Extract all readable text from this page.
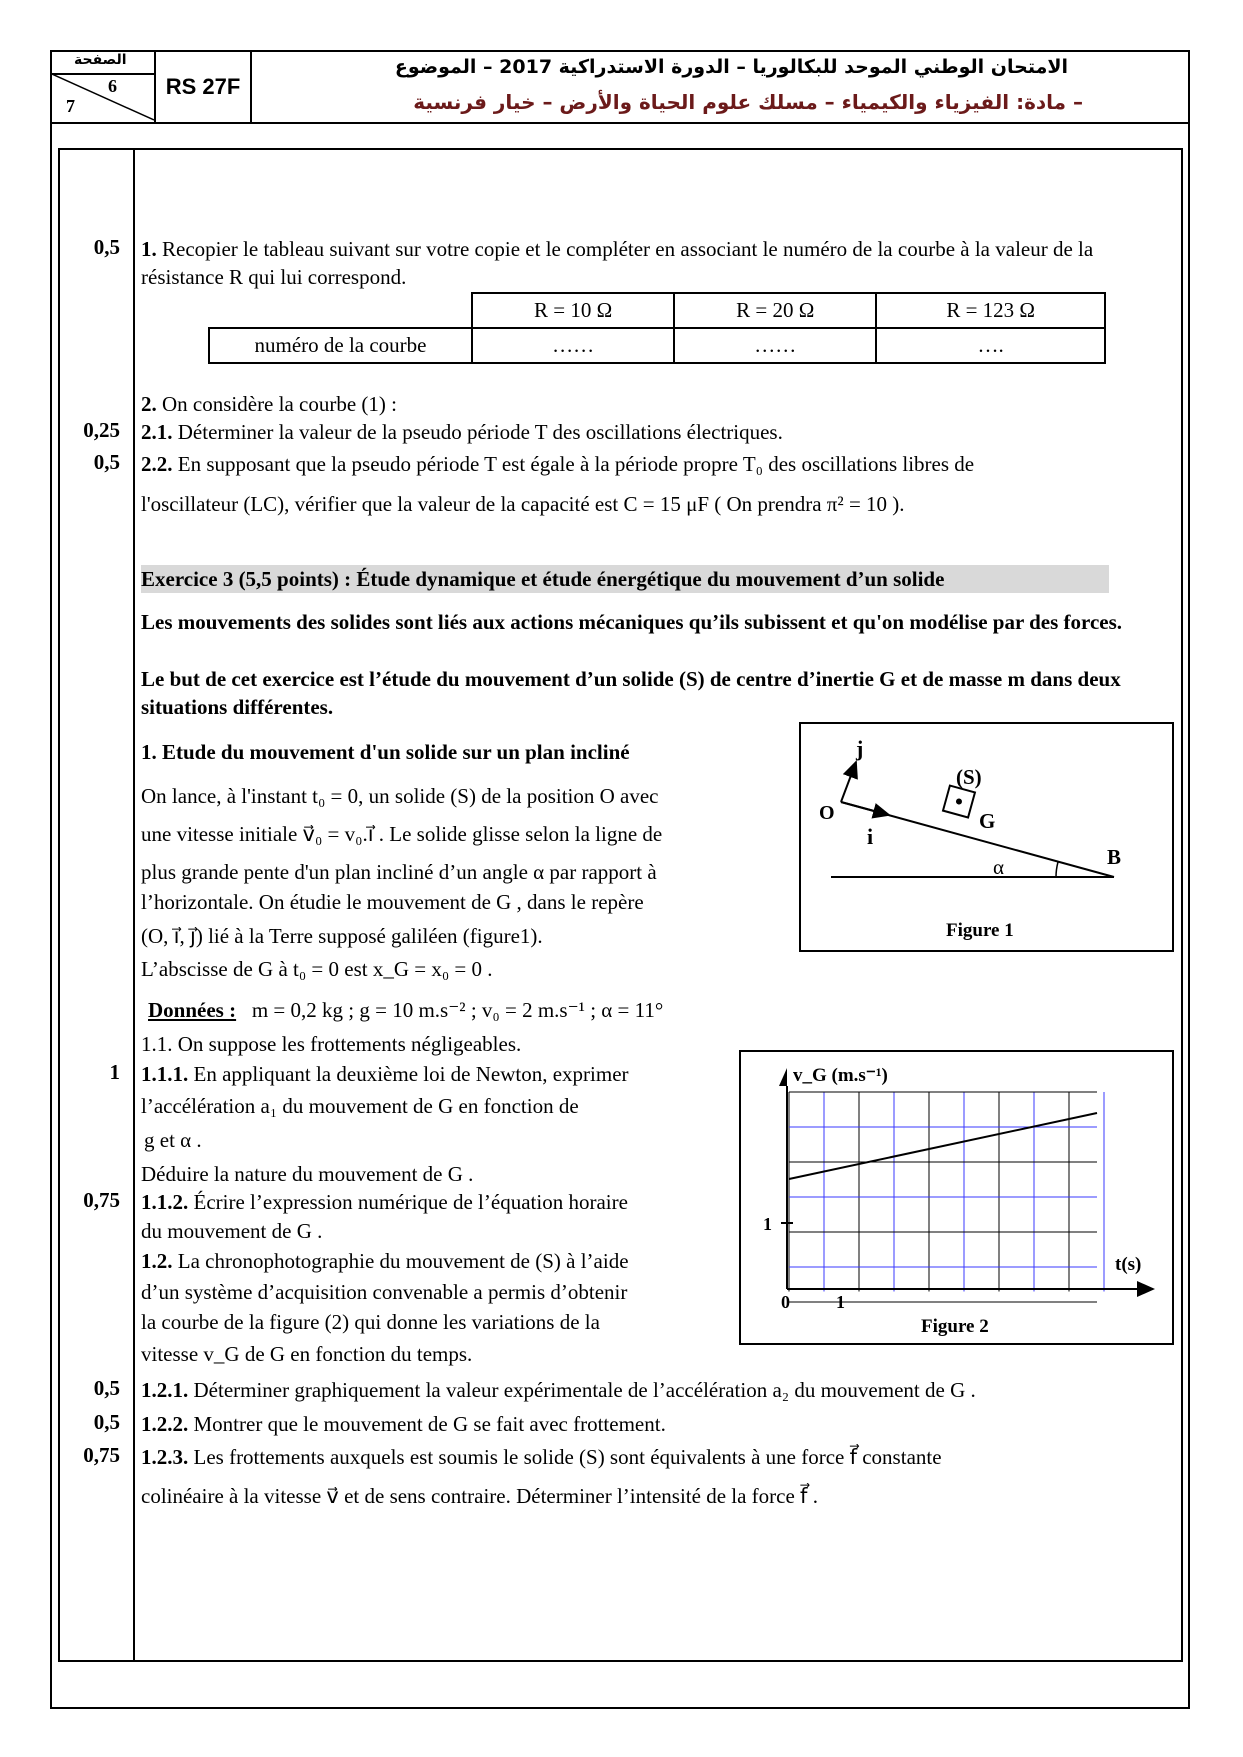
الصفحة
6
7
RS 27F
الامتحان الوطني الموحد للبكالوريا – الدورة الاستدراكية 2017 – الموضوع
– مادة: الفيزياء والكيمياء – مسلك علوم الحياة والأرض – خيار فرنسية
0,5 1. Recopier le tableau suivant sur votre copie et le compléter en associant le numéro de la courbe à la valeur de la résistance R qui lui correspond.
	R = 10 Ω	R = 20 Ω	R = 123 Ω
numéro de la courbe	……	……	….
2. On considère la courbe (1) :
0,25 2.1. Déterminer la valeur de la pseudo période T des oscillations électriques.
0,5 2.2. En supposant que la pseudo période T est égale à la période propre T₀ des oscillations libres de
l'oscillateur (LC), vérifier que la valeur de la capacité est C = 15 μF ( On prendra π² = 10 ).
Exercice 3 (5,5 points) : Étude dynamique et étude énergétique du mouvement d’un solide
Les mouvements des solides sont liés aux actions mécaniques qu’ils subissent et qu'on modélise par des forces.
Le but de cet exercice est l’étude du mouvement d’un solide (S) de centre d’inertie G et de masse m dans deux situations différentes.
1. Etude du mouvement d'un solide sur un plan incliné
On lance, à l'instant t₀ = 0, un solide (S) de la position O avec
une vitesse initiale v⃗₀ = v₀.i⃗ . Le solide glisse selon la ligne de
plus grande pente d'un plan incliné d’un angle α par rapport à
l’horizontale. On étudie le mouvement de G , dans le repère
(O, i⃗, j⃗) lié à la Terre supposé galiléen (figure1).
L’abscisse de G à t₀ = 0 est x_G = x₀ = 0 .
Données : m = 0,2 kg ; g = 10 m.s⁻² ; v₀ = 2 m.s⁻¹ ; α = 11°
1.1. On suppose les frottements négligeables.
1 1.1.1. En appliquant la deuxième loi de Newton, exprimer
l’accélération a₁ du mouvement de G en fonction de
g et α .
Déduire la nature du mouvement de G .
0,75 1.1.2. Écrire l’expression numérique de l’équation horaire
du mouvement de G .
1.2. La chronophotographie du mouvement de (S) à l’aide
d’un système d’acquisition convenable a permis d’obtenir
la courbe de la figure (2) qui donne les variations de la
vitesse v_G de G en fonction du temps.
0,5 1.2.1. Déterminer graphiquement la valeur expérimentale de l’accélération a₂ du mouvement de G .
0,5 1.2.2. Montrer que le mouvement de G se fait avec frottement.
0,75 1.2.3. Les frottements auxquels est soumis le solide (S) sont équivalents à une force f⃗ constante
colinéaire à la vitesse v⃗ et de sens contraire. Déterminer l’intensité de la force f⃗ .
j⃗
i⃗
O
(S)
G
α	B
Figure 1
v_G (m.s⁻¹)
t(s)
0	1
1
Figure 2
